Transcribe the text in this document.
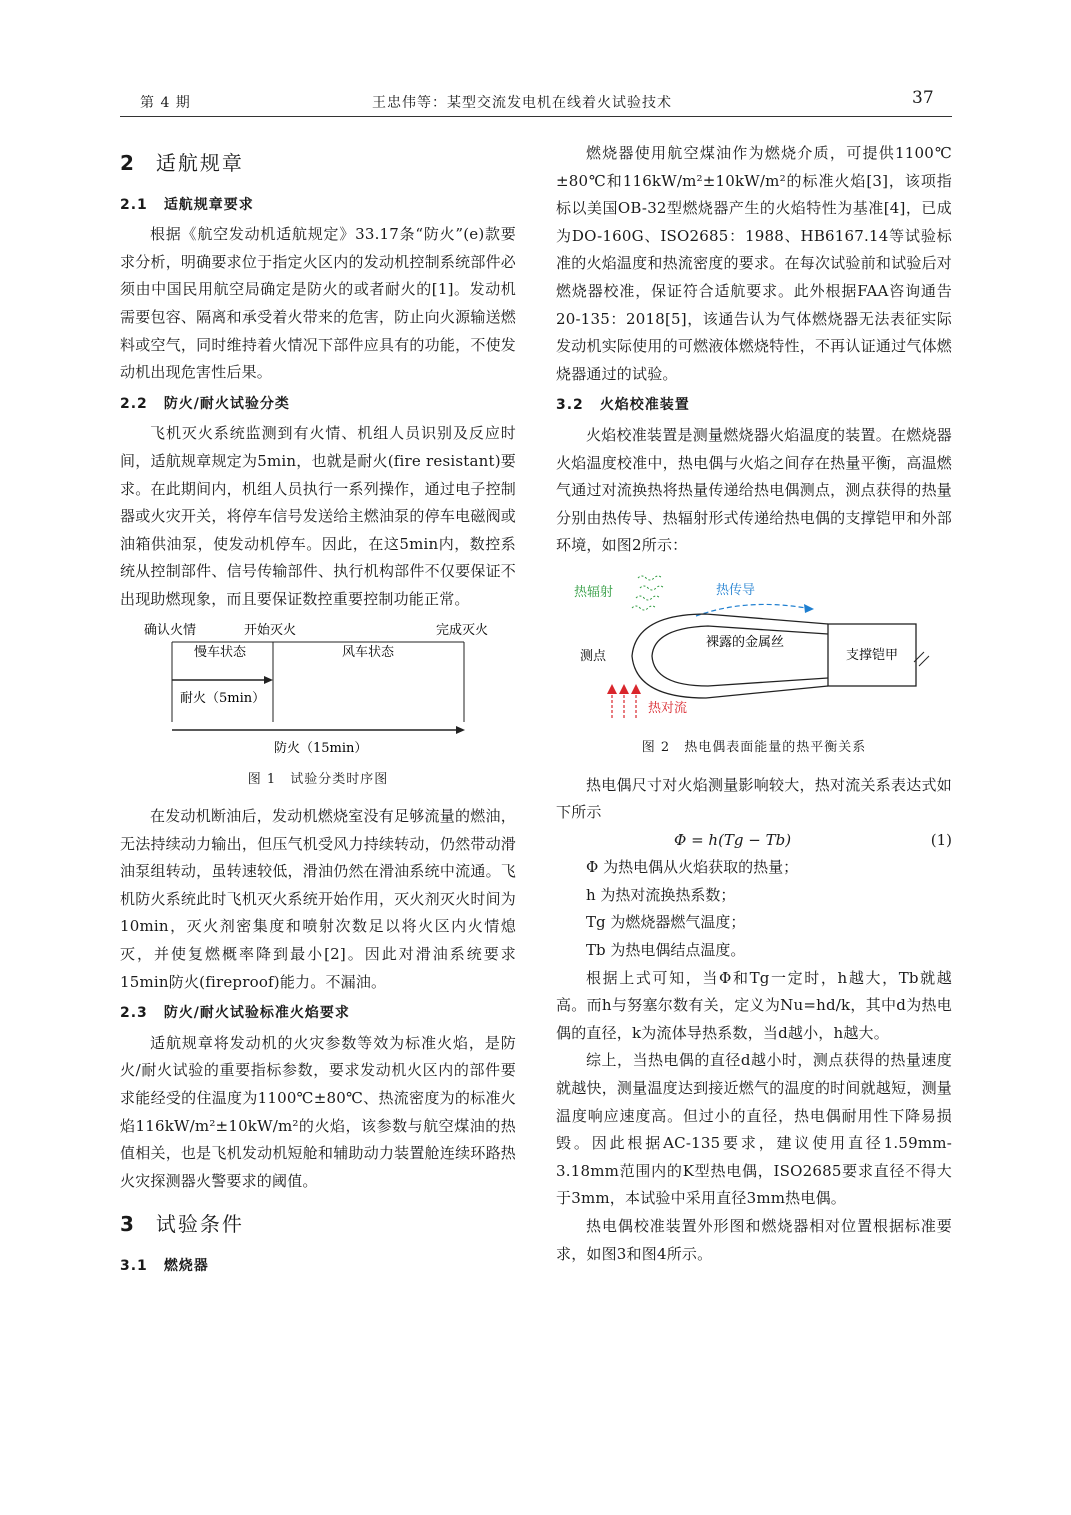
第 4 期	王忠伟等：某型交流发电机在线着火试验技术	37
2 适航规章
2.1 适航规章要求

根据《航空发动机适航规定》33.17条“防火”(e)款要求分析，明确要求位于指定火区内的发动机控制系统部件必须由中国民用航空局确定是防火的或者耐火的[1]。发动机需要包容、隔离和承受着火带来的危害，防止向火源输送燃料或空气，同时维持着火情况下部件应具有的功能，不使发动机出现危害性后果。

2.2 防火/耐火试验分类

飞机灭火系统监测到有火情、机组人员识别及反应时间，适航规章规定为5min，也就是耐火(fire resistant)要求。在此期间内，机组人员执行一系列操作，通过电子控制器或火灾开关，将停车信号发送给主燃油泵的停车电磁阀或油箱供油泵，使发动机停车。因此，在这5min内，数控系统从控制部件、信号传输部件、执行机构部件不仅要保证不出现助燃现象，而且要保证数控重要控制功能正常。

确认火情	开始灭火	完成灭火
慢车状态	风车状态
耐火（5min）
防火（15min）
图 1　试验分类时序图

在发动机断油后，发动机燃烧室没有足够流量的燃油，无法持续动力输出，但压气机受风力持续转动，仍然带动滑油泵组转动，虽转速较低，滑油仍然在滑油系统中流通。飞机防火系统此时飞机灭火系统开始作用，灭火剂灭火时间为10min，灭火剂密集度和喷射次数足以将火区内火情熄灭，并使复燃概率降到最小[2]。因此对滑油系统要求15min防火(fireproof)能力。不漏油。

2.3 防火/耐火试验标准火焰要求

适航规章将发动机的火灾参数等效为标准火焰，是防火/耐火试验的重要指标参数，要求发动机火区内的部件要求能经受的住温度为1100℃±80℃、热流密度为的标准火焰116kW/m²±10kW/m²的火焰，该参数与航空煤油的热值相关，也是飞机发动机短舱和辅助动力装置舱连续环路热火灾探测器火警要求的阈值。

3 试验条件
3.1 燃烧器

燃烧器使用航空煤油作为燃烧介质，可提供1100℃±80℃和116kW/m²±10kW/m²的标准火焰[3]，该项指标以美国OB-32型燃烧器产生的火焰特性为基准[4]，已成为DO-160G、ISO2685：1988、HB6167.14等试验标准的火焰温度和热流密度的要求。在每次试验前和试验后对燃烧器校准，保证符合适航要求。此外根据FAA咨询通告20-135：2018[5]，该通告认为气体燃烧器无法表征实际发动机实际使用的可燃液体燃烧特性，不再认证通过气体燃烧器通过的试验。

3.2 火焰校准装置

火焰校准装置是测量燃烧器火焰温度的装置。在燃烧器火焰温度校准中，热电偶与火焰之间存在热量平衡，高温燃气通过对流换热将热量传递给热电偶测点，测点获得的热量分别由热传导、热辐射形式传递给热电偶的支撑铠甲和外部环境，如图2所示：

热辐射	热传导
测点
裸露的金属丝
支撑铠甲
热对流
图 2　热电偶表面能量的热平衡关系

热电偶尺寸对火焰测量影响较大，热对流关系表达式如下所示

Φ = h(Tg − Tb)	(1)

Φ 为热电偶从火焰获取的热量；

h 为热对流换热系数；

Tg 为燃烧器燃气温度；

Tb 为热电偶结点温度。

根据上式可知，当Φ和Tg一定时，h越大，Tb就越高。而h与努塞尔数有关，定义为Nu=hd/k，其中d为热电偶的直径，k为流体导热系数，当d越小，h越大。

综上，当热电偶的直径d越小时，测点获得的热量速度就越快，测量温度达到接近燃气的温度的时间就越短，测量温度响应速度高。但过小的直径，热电偶耐用性下降易损毁。因此根据AC-135要求，建议使用直径1.59mm-3.18mm范围内的K型热电偶，ISO2685要求直径不得大于3mm，本试验中采用直径3mm热电偶。

热电偶校准装置外形图和燃烧器相对位置根据标准要求，如图3和图4所示。
